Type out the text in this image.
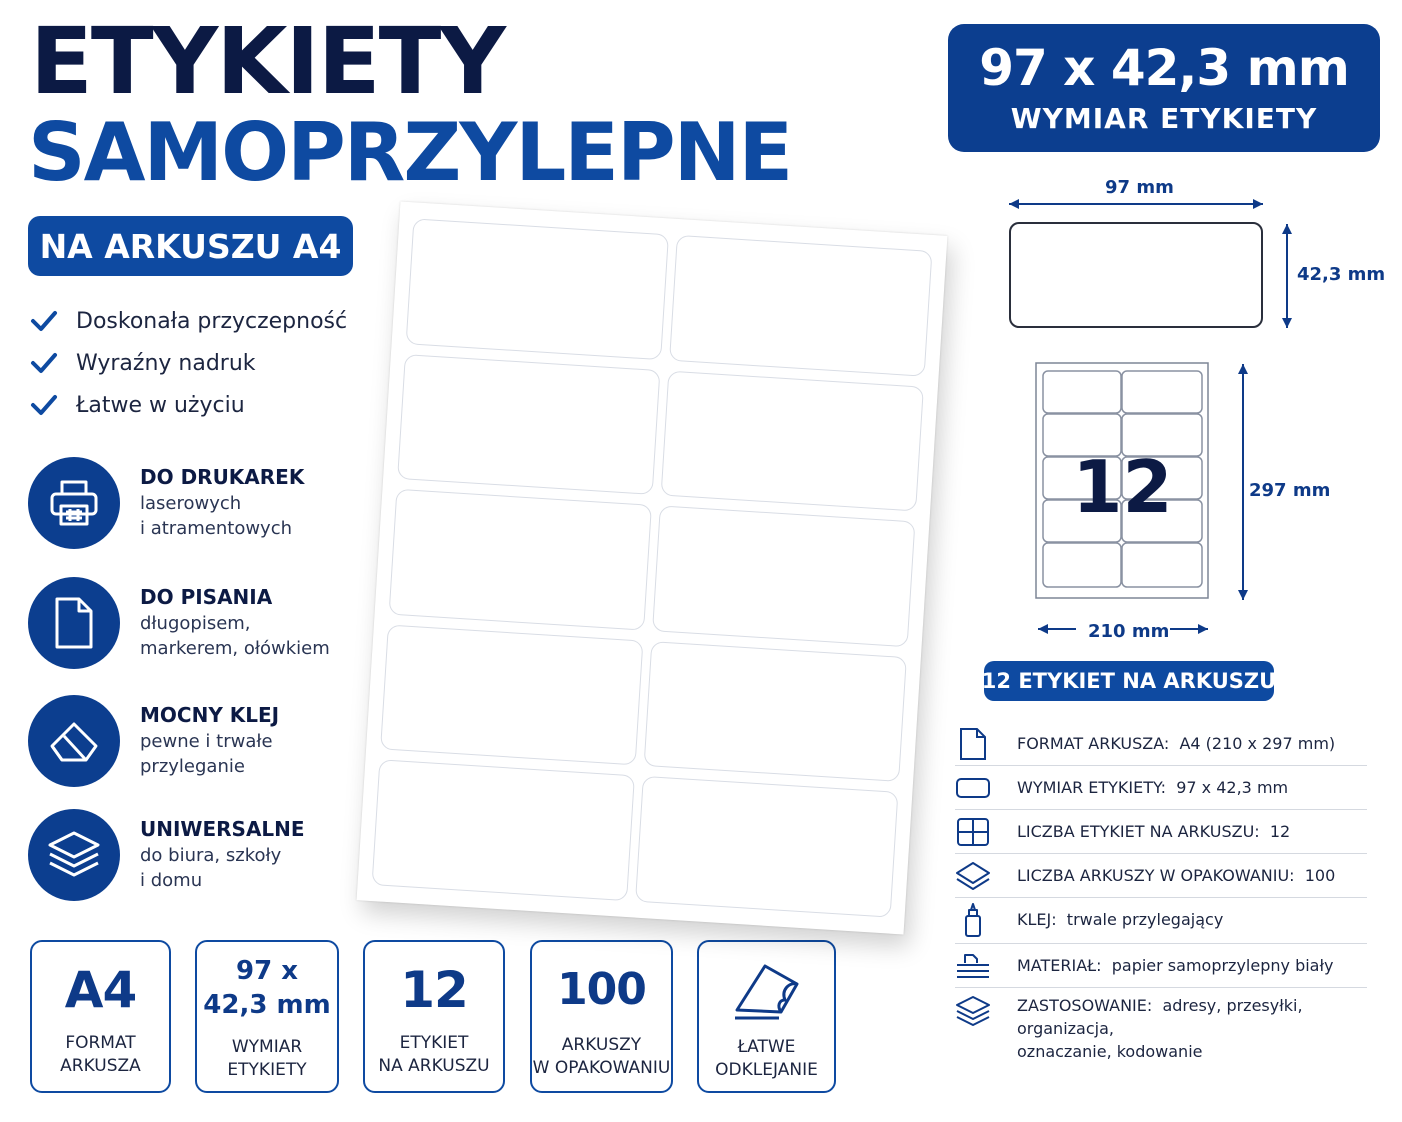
ETYKIETY
SAMOPRZYLEPNE
NA ARKUSZU A4
Doskonała przyczepność
Wyraźny nadruk
Łatwe w użyciu
DO DRUKAREK
laserowych
i atramentowych
DO PISANIA
długopisem,
markerem, ołówkiem
MOCNY KLEJ
pewne i trwałe
przyleganie
UNIWERSALNE
do biura, szkoły
i domu
A4
FORMAT
ARKUSZA
97 x
42,3 mm
WYMIAR
ETYKIETY
12
ETYKIET
NA ARKUSZU
100
ARKUSZY
W OPAKOWANIU
ŁATWE
ODKLEJANIE
97 x 42,3 mm
WYMIAR ETYKIETY
97 mm
42,3 mm
12	297 mm
210 mm
12 ETYKIET NA ARKUSZU
FORMAT ARKUSZA: A4 (210 x 297 mm)
WYMIAR ETYKIETY: 97 x 42,3 mm
LICZBA ETYKIET NA ARKUSZU: 12
LICZBA ARKUSZY W OPAKOWANIU: 100
KLEJ: trwale przylegający
MATERIAŁ: papier samoprzylepny biały
ZASTOSOWANIE: adresy, przesyłki, organizacja,
oznaczanie, kodowanie
